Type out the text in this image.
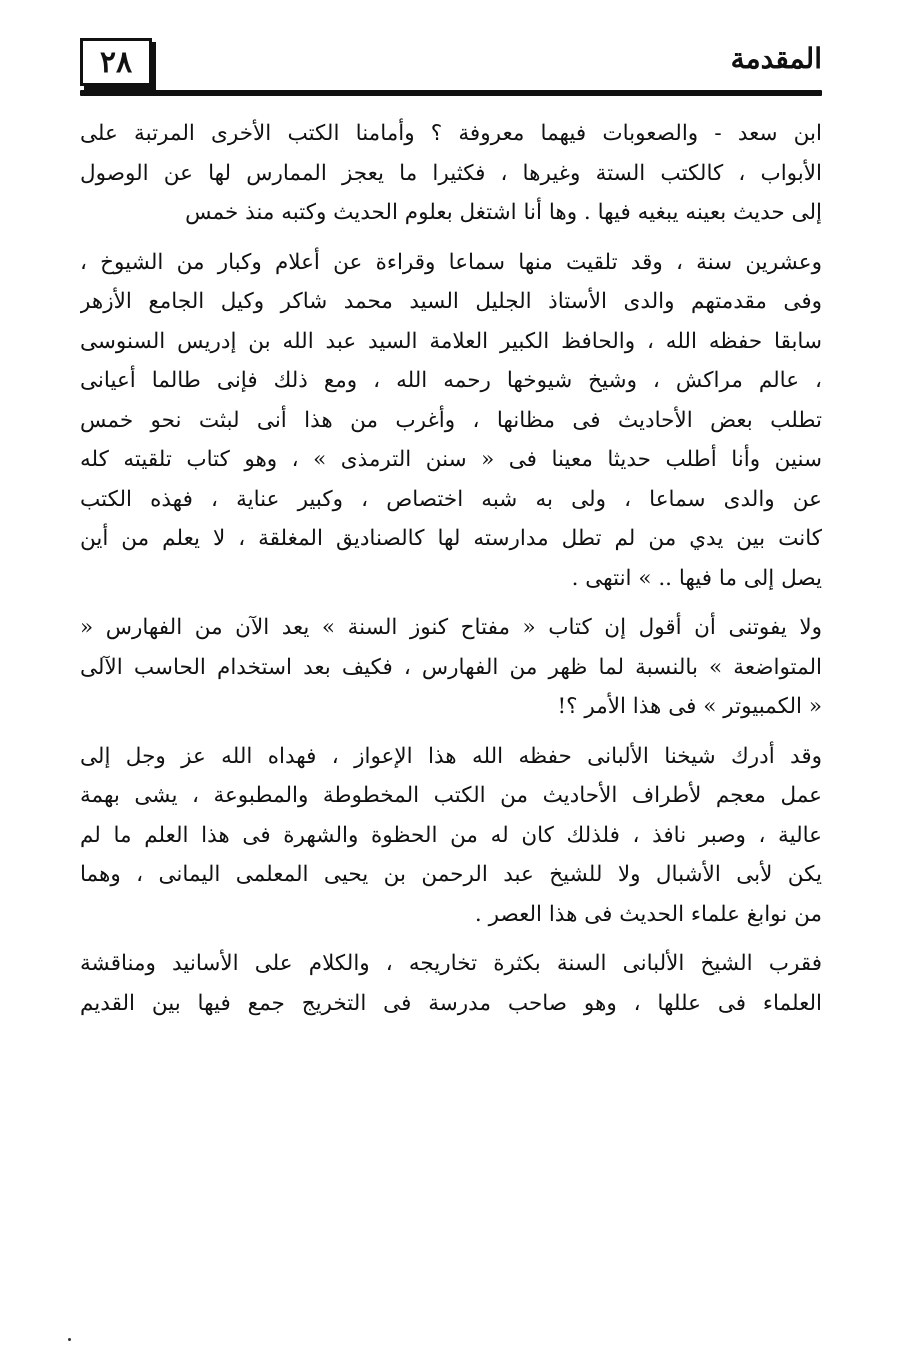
٢٨	المقدمة

ابن سعد - والصعوبات فيهما معروفة ؟ وأمامنا الكتب الأخرى المرتبة على
الأبواب ، كالكتب الستة وغيرها ، فكثيرا ما يعجز الممارس لها عن الوصول
إلى حديث بعينه يبغيه فيها . وها أنا اشتغل بعلوم الحديث وكتبه منذ خمس

وعشرين سنة ، وقد تلقيت منها سماعا وقراءة عن أعلام وكبار من الشيوخ ،
وفى مقدمتهم والدى الأستاذ الجليل السيد محمد شاكر وكيل الجامع الأزهر
سابقا حفظه الله ، والحافظ الكبير العلامة السيد عبد الله بن إدريس السنوسى
، عالم مراكش ، وشيخ شيوخها رحمه الله ، ومع ذلك فإنى طالما أعيانى
تطلب بعض الأحاديث فى مظانها ، وأغرب من هذا أنى لبثت نحو خمس
سنين وأنا أطلب حديثا معينا فى « سنن الترمذى » ، وهو كتاب تلقيته كله
عن والدى سماعا ، ولى به شبه اختصاص ، وكبير عناية ، فهذه الكتب
كانت بين يدي من لم تطل مدارسته لها كالصناديق المغلقة ، لا يعلم من أين
يصل إلى ما فيها .. » انتهى .

ولا يفوتنى أن أقول إن كتاب « مفتاح كنوز السنة » يعد الآن من الفهارس «
المتواضعة » بالنسبة لما ظهر من الفهارس ، فكيف بعد استخدام الحاسب الآلى
« الكمبيوتر » فى هذا الأمر ؟!

وقد أدرك شيخنا الألبانى حفظه الله هذا الإعواز ، فهداه الله عز وجل إلى
عمل معجم لأطراف الأحاديث من الكتب المخطوطة والمطبوعة ، يشى بهمة
عالية ، وصبر نافذ ، فلذلك كان له من الحظوة والشهرة فى هذا العلم ما لم
يكن لأبى الأشبال ولا للشيخ عبد الرحمن بن يحيى المعلمى اليمانى ، وهما
من نوابغ علماء الحديث فى هذا العصر .

فقرب الشيخ الألبانى السنة بكثرة تخاريجه ، والكلام على الأسانيد ومناقشة
العلماء فى عللها ، وهو صاحب مدرسة فى التخريج جمع فيها بين القديم
